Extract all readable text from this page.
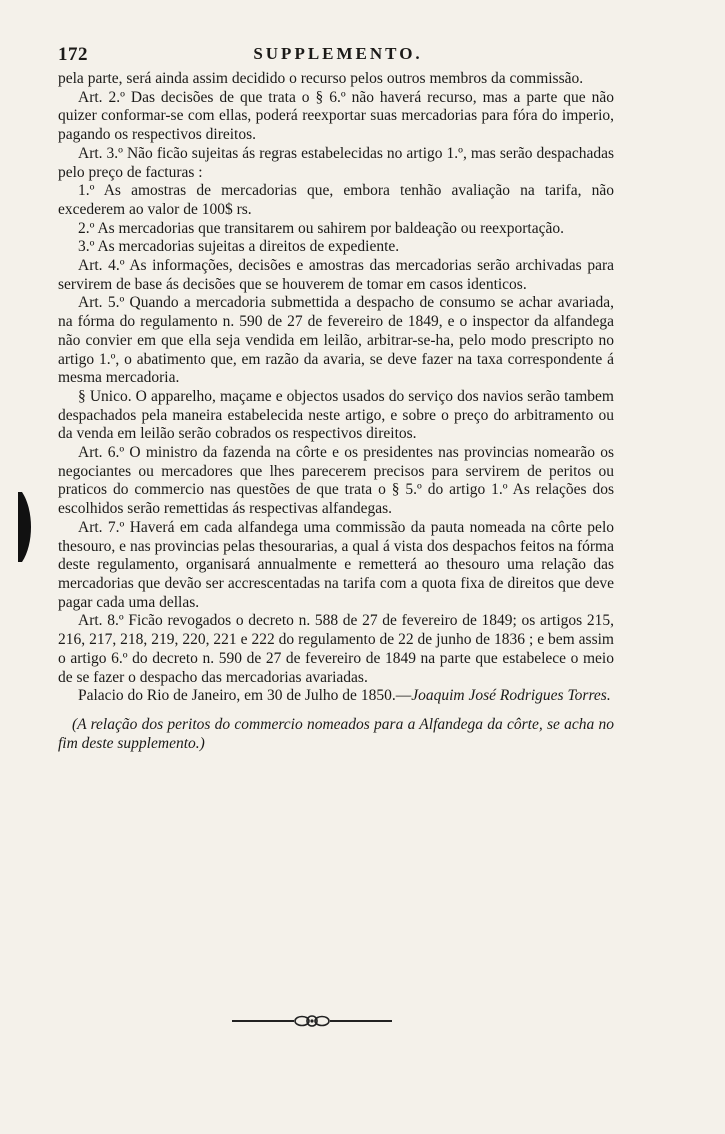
172	SUPPLEMENTO.

pela parte, será ainda assim decidido o recurso pelos outros membros da commissão.

Art. 2.º Das decisões de que trata o § 6.º não haverá recurso, mas a parte que não quizer conformar-se com ellas, poderá reexportar suas mercadorias para fóra do imperio, pagando os respectivos direitos.

Art. 3.º Não ficão sujeitas ás regras estabelecidas no artigo 1.º, mas serão despachadas pelo preço de facturas :

1.º As amostras de mercadorias que, embora tenhão avaliação na tarifa, não excederem ao valor de 100$ rs.

2.º As mercadorias que transitarem ou sahirem por baldeação ou reexportação.

3.º As mercadorias sujeitas a direitos de expediente.

Art. 4.º As informações, decisões e amostras das mercadorias serão archivadas para servirem de base ás decisões que se houverem de tomar em casos identicos.

Art. 5.º Quando a mercadoria submettida a despacho de consumo se achar avariada, na fórma do regulamento n. 590 de 27 de fevereiro de 1849, e o inspector da alfandega não convier em que ella seja vendida em leilão, arbitrar-se-ha, pelo modo prescripto no artigo 1.º, o abatimento que, em razão da avaria, se deve fazer na taxa correspondente á mesma mercadoria.

§ Unico. O apparelho, maçame e objectos usados do serviço dos navios serão tambem despachados pela maneira estabelecida neste artigo, e sobre o preço do arbitramento ou da venda em leilão serão cobrados os respectivos direitos.

Art. 6.º O ministro da fazenda na côrte e os presidentes nas provincias nomearão os negociantes ou mercadores que lhes parecerem precisos para servirem de peritos ou praticos do commercio nas questões de que trata o § 5.º do artigo 1.º As relações dos escolhidos serão remettidas ás respectivas alfandegas.

Art. 7.º Haverá em cada alfandega uma commissão da pauta nomeada na côrte pelo thesouro, e nas provincias pelas thesourarias, a qual á vista dos despachos feitos na fórma deste regulamento, organisará annualmente e remetterá ao thesouro uma relação das mercadorias que devão ser accrescentadas na tarifa com a quota fixa de direitos que deve pagar cada uma dellas.

Art. 8.º Ficão revogados o decreto n. 588 de 27 de fevereiro de 1849; os artigos 215, 216, 217, 218, 219, 220, 221 e 222 do regulamento de 22 de junho de 1836 ; e bem assim o artigo 6.º do decreto n. 590 de 27 de fevereiro de 1849 na parte que estabelece o meio de se fazer o despacho das mercadorias avariadas.

Palacio do Rio de Janeiro, em 30 de Julho de 1850.—Joaquim José Rodrigues Torres.

(A relação dos peritos do commercio nomeados para a Alfandega da côrte, se acha no fim deste supplemento.)
